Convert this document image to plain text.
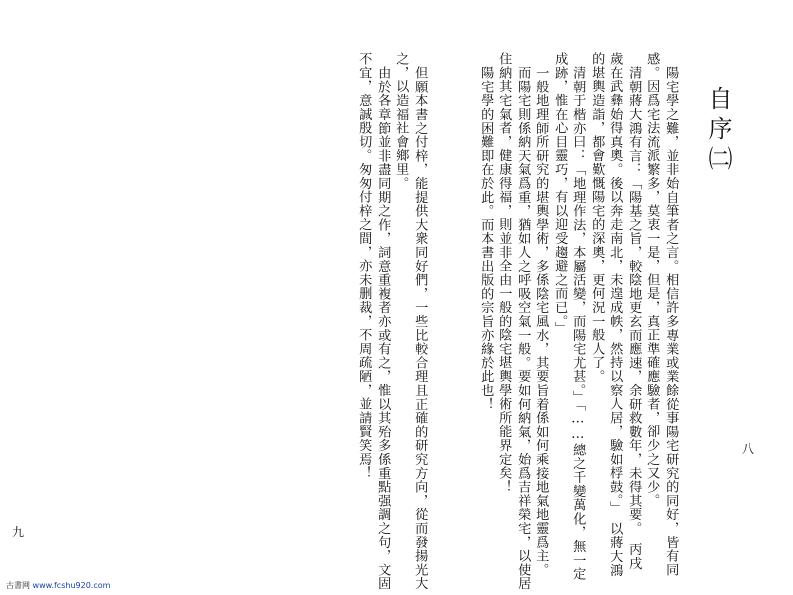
自序㈡
陽宅學之難，並非始自筆者之言。相信許多專業或業餘從事陽宅研究的同好，皆有同
感。因爲宅法流派繁多，莫衷一是，但是，真正準確應驗者，卻少之又少。
清朝蔣大鴻有言：「陽基之旨，較陰地更玄而應速，余研救數年，未得其要。　丙戌
歲在武彝始得真奧。後以奔走南北，未遑成帙，然持以察人居，驗如桴鼓。」　以蔣大鴻
的堪輿造詣，都會歎慨陽宅的深奧，更何況一般人了。
清朝于楷亦曰：「地理作法，本屬活變，而陽宅尤甚。」「……總之千變萬化，無一定
成跡，惟在心目靈巧，有以迎受趨避之而已。」
一般地理師所研究的堪輿學術，多係陰宅風水，其要旨着係如何乘接地氣地靈爲主。
而陽宅則係納天氣爲重，猶如人之呼吸空氣一般。要如何納氣，始爲吉祥榮宅，以使居
住納其宅氣者，健康得福，則並非全由一般的陰宅堪輿學術所能界定矣！
陽宅學的困難即在於此。而本書出版的宗旨亦緣於此也！
但願本書之付梓，能提供大衆同好們，一些比較合理且正確的研究方向，從而發揚光大
之，以造福社會鄉里。
由於各章節並非盡同期之作，詞意重複者亦或有之，惟以其殆多係重點强調之句，文固
不宜，意誠殷切。匆匆付梓之間，亦未删裁，不周疏陋，並請賢笑焉！	八
九
古書网 www.fcshu920.com
